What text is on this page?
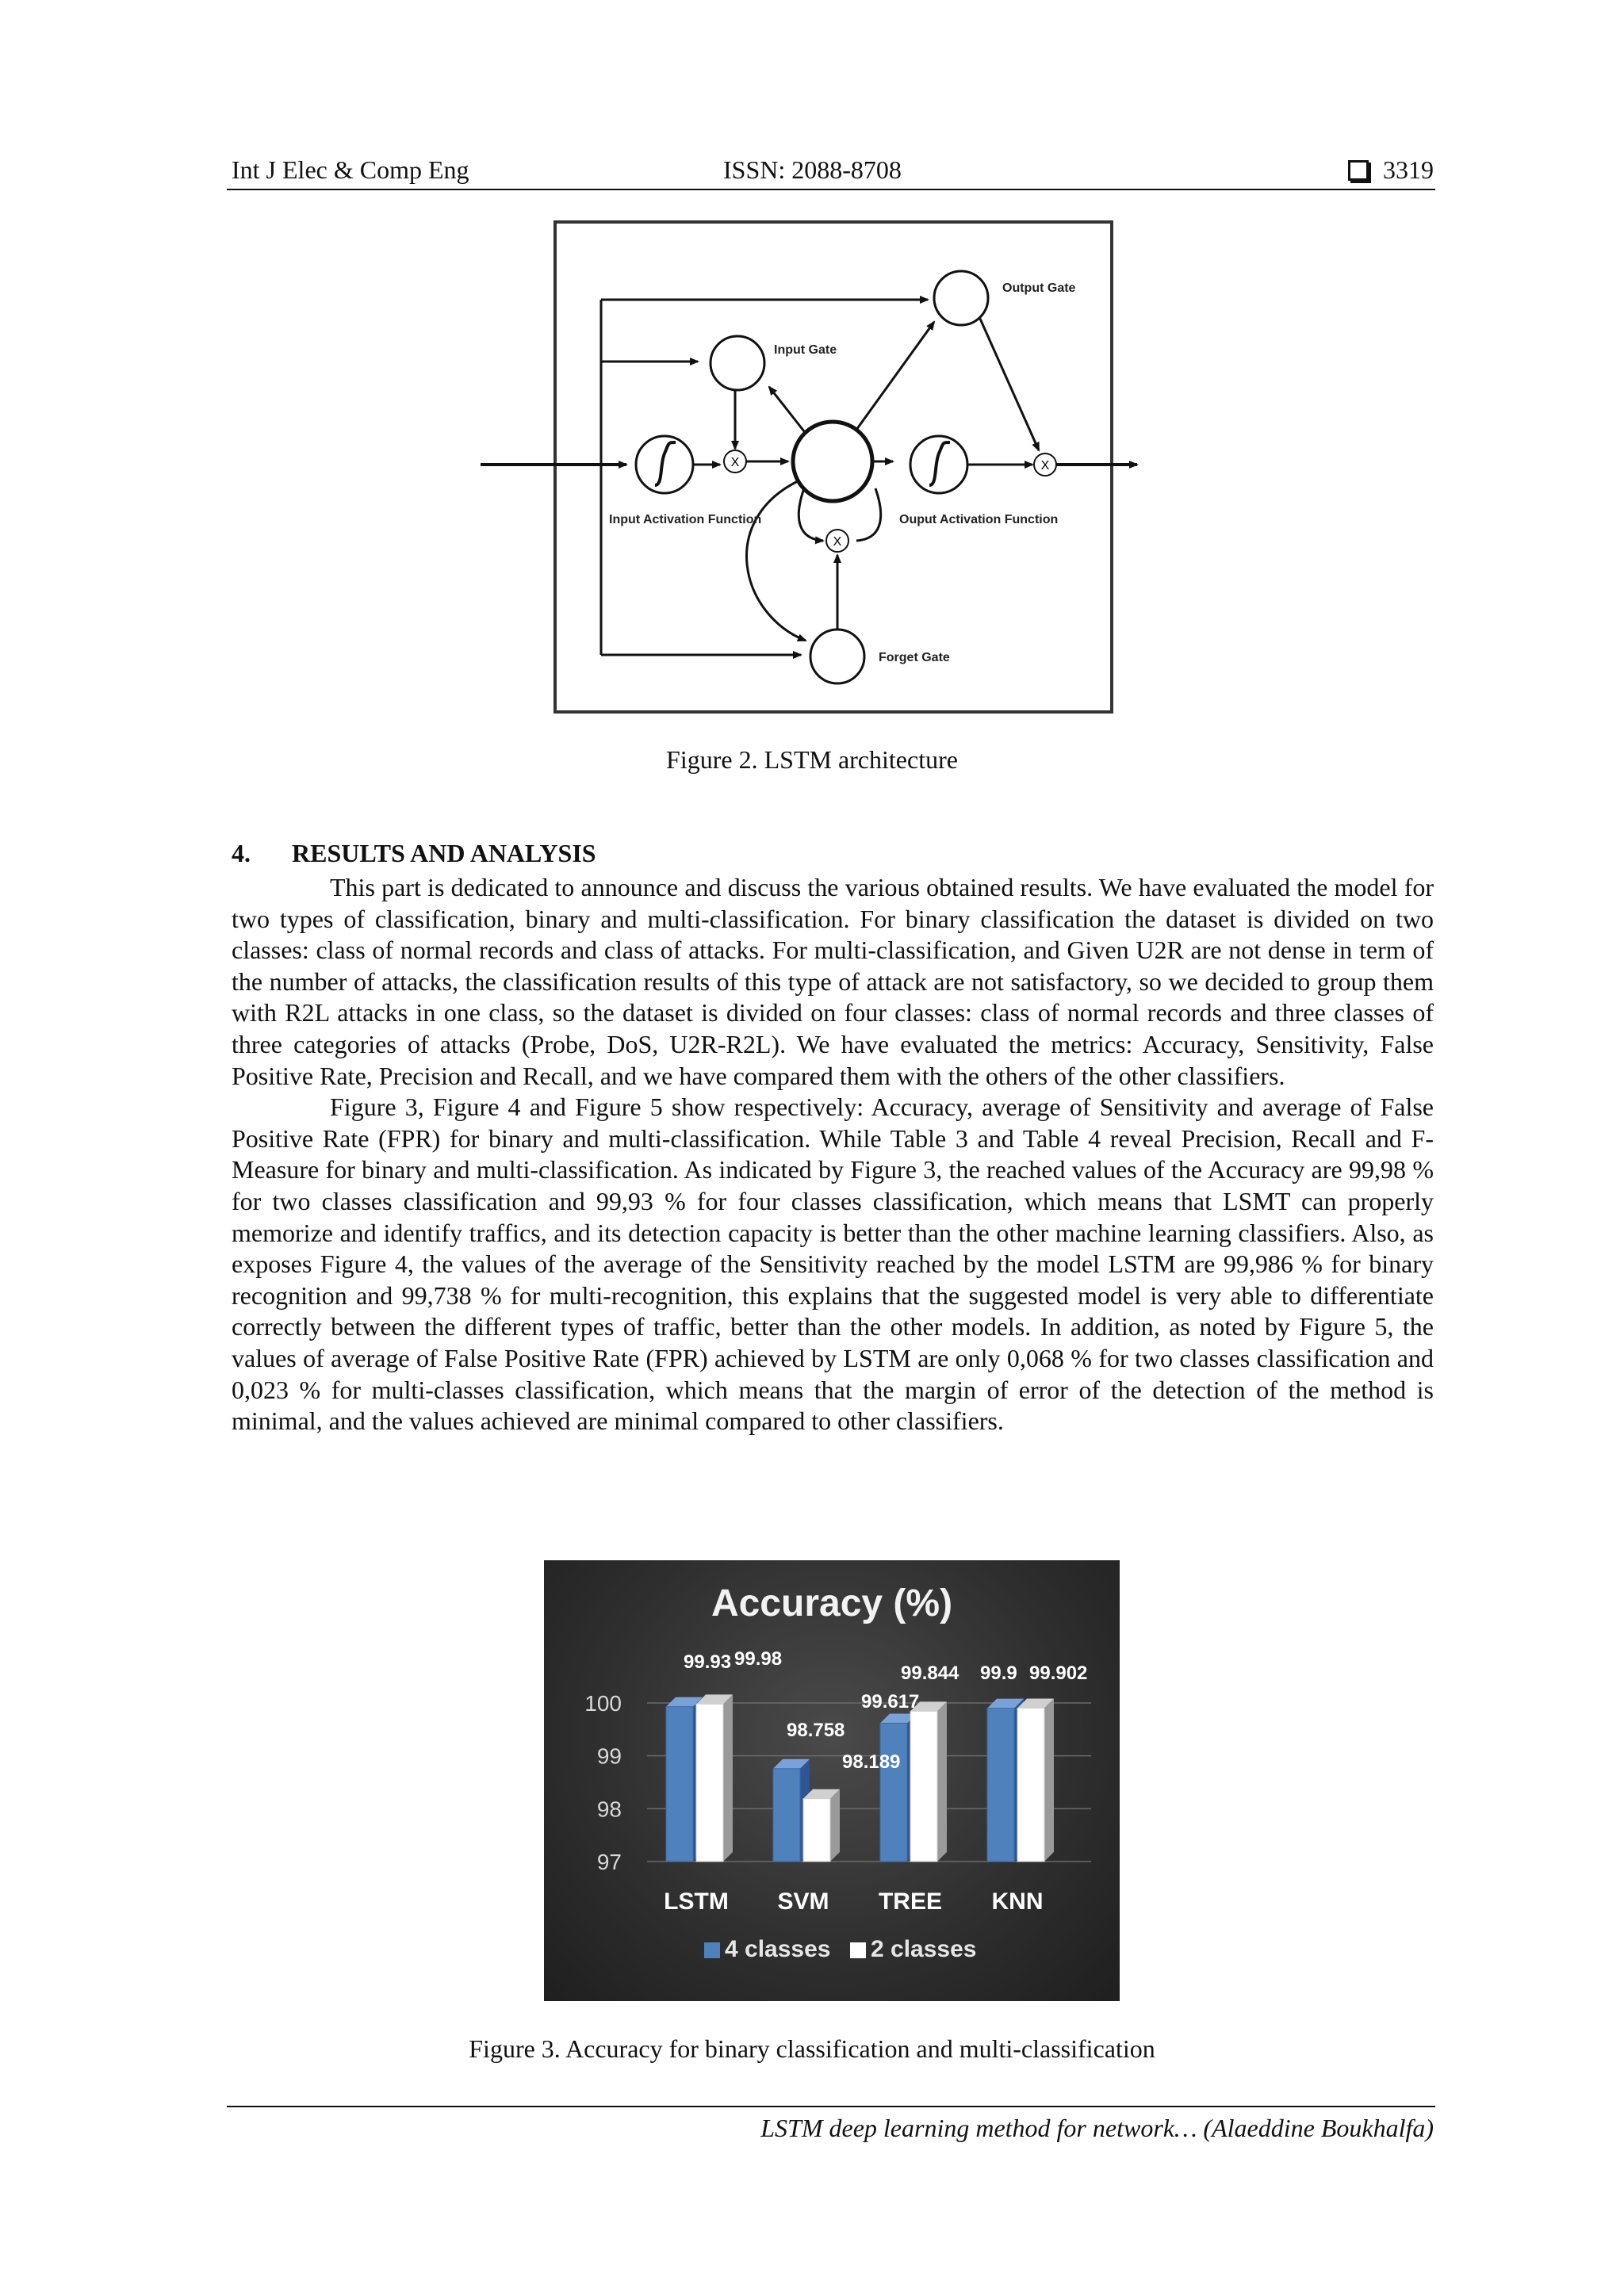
Int J Elec & Comp Eng	ISSN: 2088-8708	3319
X
X
X
Output Gate
Input Gate
Input Activation Function	Ouput Activation Function
Forget Gate
Figure 2. LSTM architecture
4. RESULTS AND ANALYSIS

This part is dedicated to announce and discuss the various obtained results. We have evaluated the model for two types of classification, binary and multi-classification. For binary classification the dataset is divided on two classes: class of normal records and class of attacks. For multi-classification, and Given U2R are not dense in term of the number of attacks, the classification results of this type of attack are not satisfactory, so we decided to group them with R2L attacks in one class, so the dataset is divided on four classes: class of normal records and three classes of three categories of attacks (Probe, DoS, U2R-R2L). We have evaluated the metrics: Accuracy, Sensitivity, False Positive Rate, Precision and Recall, and we have compared them with the others of the other classifiers.

Figure 3, Figure 4 and Figure 5 show respectively: Accuracy, average of Sensitivity and average of False Positive Rate (FPR) for binary and multi-classification. While Table 3 and Table 4 reveal Precision, Recall and F-Measure for binary and multi-classification. As indicated by Figure 3, the reached values of the Accuracy are 99,98 % for two classes classification and 99,93 % for four classes classification, which means that LSMT can properly memorize and identify traffics, and its detection capacity is better than the other machine learning classifiers. Also, as exposes Figure 4, the values of the average of the Sensitivity reached by the model LSTM are 99,986 % for binary recognition and 99,738 % for multi-recognition, this explains that the suggested model is very able to differentiate correctly between the different types of traffic, better than the other models. In addition, as noted by Figure 5, the values of average of False Positive Rate (FPR) achieved by LSTM are only 0,068 % for two classes classification and 0,023 % for multi-classes classification, which means that the margin of error of the detection of the method is minimal, and the values achieved are minimal compared to other classifiers.

Accuracy (%)
97
98
99
100
LSTM SVM TREE KNN
99.93 99.98
98.758
98.189
99.617
99.844 99.9 99.902
4 classes 2 classes
Figure 3. Accuracy for binary classification and multi-classification
LSTM deep learning method for network… (Alaeddine Boukhalfa)
